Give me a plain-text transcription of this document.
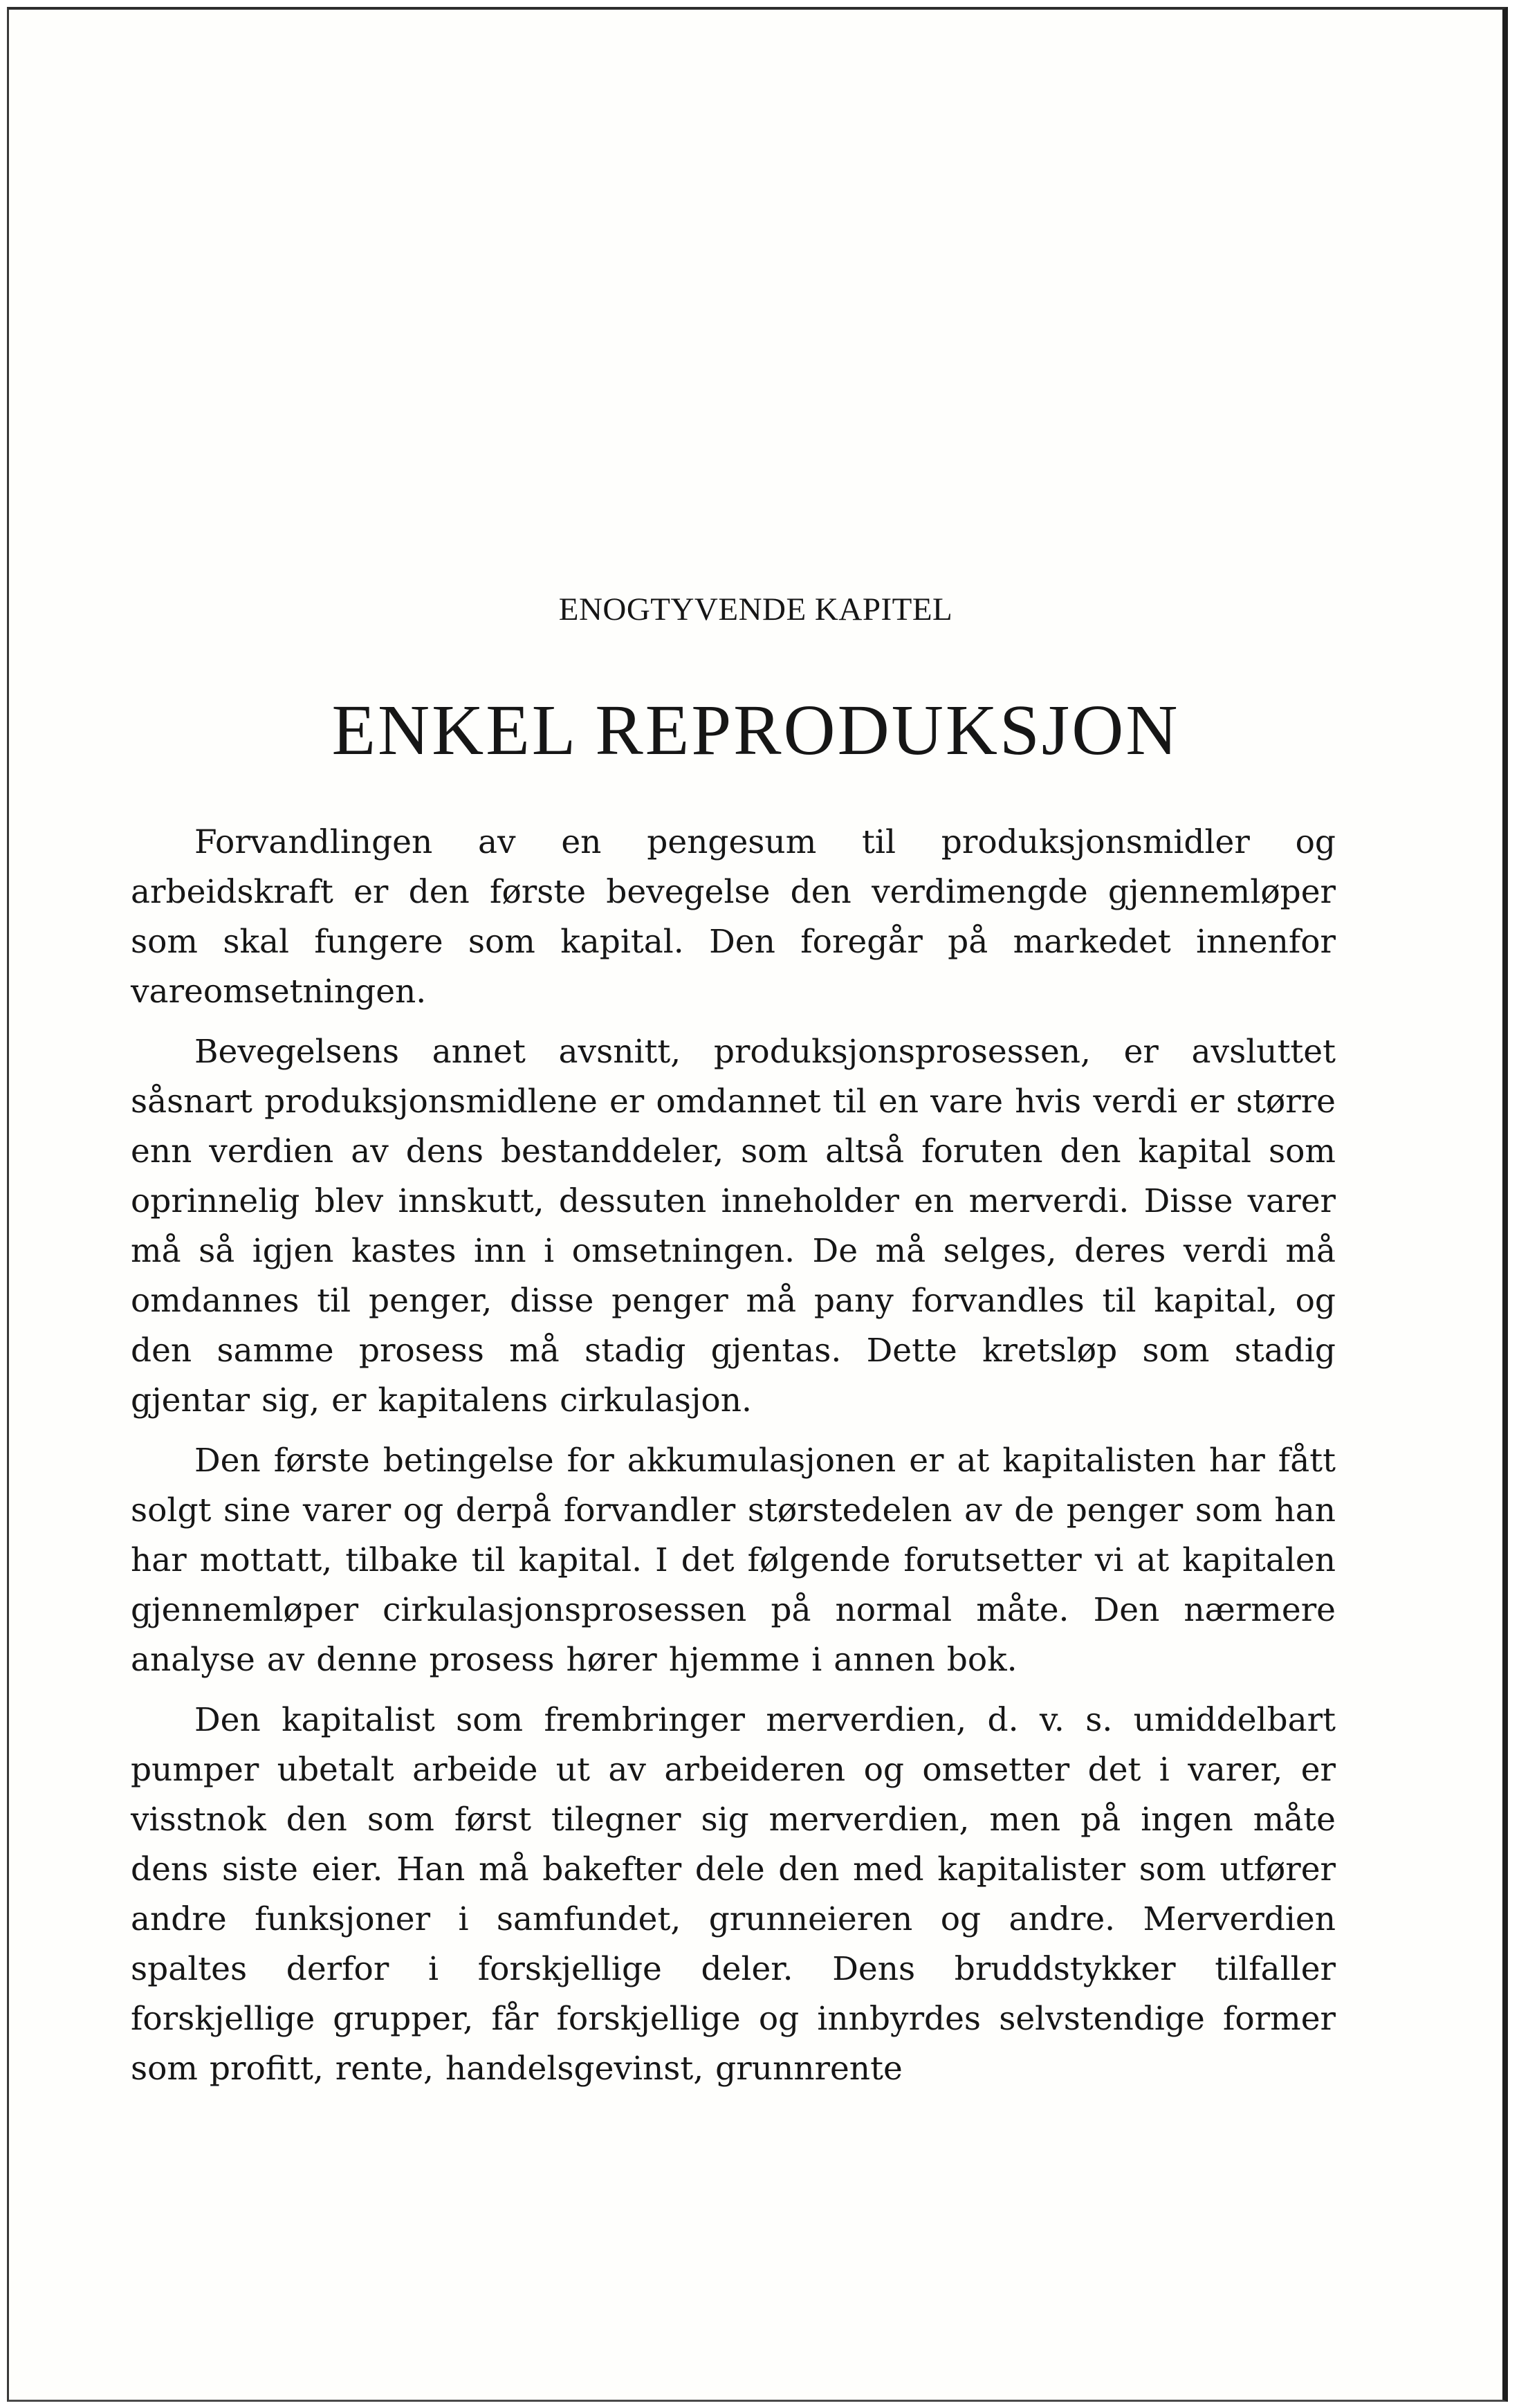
ENOGTYVENDE KAPITEL
ENKEL REPRODUKSJON

Forvandlingen av en pengesum til produksjonsmidler og arbeidskraft er den første bevegelse den verdimengde gjennemløper som skal fungere som kapital. Den foregår på markedet innenfor vareomsetningen.

Bevegelsens annet avsnitt, produksjonsprosessen, er avsluttet såsnart produksjonsmidlene er omdannet til en vare hvis verdi er større enn verdien av dens bestanddeler, som altså foruten den kapital som oprinnelig blev innskutt, dessuten inneholder en merverdi. Disse varer må så igjen kastes inn i omsetningen. De må selges, deres verdi må omdannes til penger, disse penger må pany forvandles til kapital, og den samme prosess må stadig gjentas. Dette kretsløp som stadig gjentar sig, er kapitalens cirkulasjon.

Den første betingelse for akkumulasjonen er at kapitalisten har fått solgt sine varer og derpå forvandler størstedelen av de penger som han har mottatt, tilbake til kapital. I det følgende forutsetter vi at kapitalen gjennemløper cirkulasjonsprosessen på normal måte. Den nærmere analyse av denne prosess hører hjemme i annen bok.

Den kapitalist som frembringer merverdien, d. v. s. umiddelbart pumper ubetalt arbeide ut av arbeideren og omsetter det i varer, er visstnok den som først tilegner sig merverdien, men på ingen måte dens siste eier. Han må bakefter dele den med kapitalister som utfører andre funksjoner i samfundet, grunneieren og andre. Merverdien spaltes derfor i forskjellige deler. Dens bruddstykker tilfaller forskjellige grupper, får forskjellige og innbyrdes selvstendige former som profitt, rente, handelsgevinst, grunnrente
